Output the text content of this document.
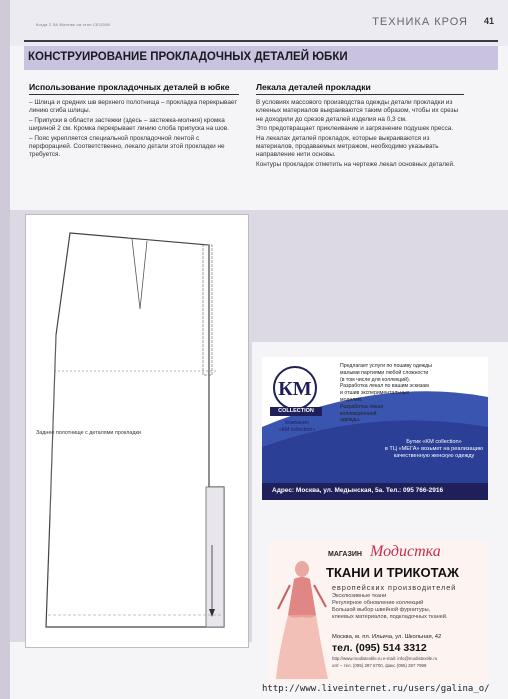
Когда 2 ЛА Монтаж на стол СЕ/2006	ТЕХНИКА КРОЯ 41
КОНСТРУИРОВАНИЕ ПРОКЛАДОЧНЫХ ДЕТАЛЕЙ ЮБКИ
Использование прокладочных деталей в юбке
– Шлица и средних шв верхнего полотнища – прокладка перекрывает линию сгиба шлицы.
– Припуски в области застежки (здесь – застежка-молния) кромка шириной 2 см. Кромка перекрывает линию слоба припуска на шов.
– Пояс укрепляется специальной прокладочной лентой с перфорацией. Соответственно, лекало детали этой прокладки не требуется.
Лекала деталей прокладки
В условиях массового производства одежды детали прокладки из клееных материалов выкраиваются таким образом, чтобы их срезы не доходили до срезов деталей изделия на 0,3 см.
Это предотвращает приклеивание и загрязнение подушек пресса.
На лекалах деталей прокладок, которые выкраиваются из материалов, продаваемых метражом, необходимо указывать направление нити основы.
Контуры прокладок отметить на чертеже лекал основных деталей.
Заднее полотнище с деталями прокладки
КМ
COLLECTION
Компания
«КМ collection»
Предлагает услуги по пошиву одежды
малыми партиями любой сложности
(в том числе для коллекций).
Разработка лекал по вашим эскизам
и отшив экспериментальных
моделей.
Разработка лекал
коллекционной
одежды.
Бутик «KM collection»
в ТЦ «МЕГА» возьмет на реализацию
качественную женскую одежду
Адрес: Москва, ул. Медынская, 5а. Тел.: 095 766-2916
МАГАЗИН Модистка
ТКАНИ И ТРИКОТАЖ
европейских производителей
Эксклюзивные ткани
Регулярное обновление коллекций
Большой выбор швейной фурнитуры,
клеевых материалов, подкладочных тканей.
Москва, м. пл. Ильича, ул. Школьная, 42
тел. (095) 514 3312
http://www.modistextile.ru e-mail: info@modistextile.ru
опт – тел. (095) 287 6700, факс (095) 287 7998
http://www.liveinternet.ru/users/galina_o/
